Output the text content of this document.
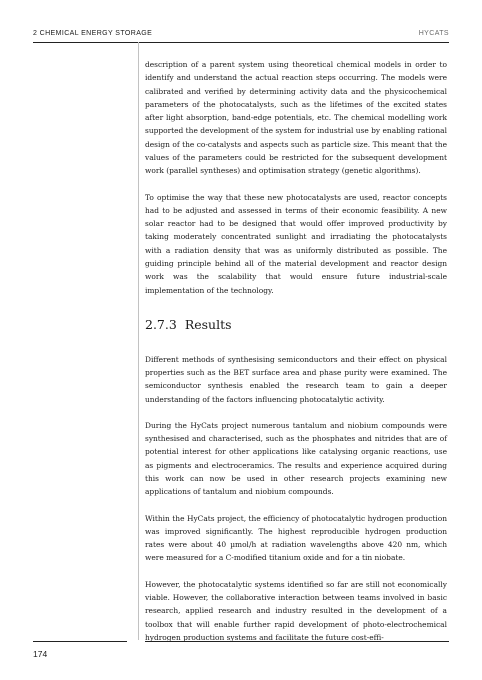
2 CHEMICAL ENERGY STORAGE	HYCATS

description of a parent system using theoretical chemical models in order to identify and understand the actual reaction steps occurring. The models were calibrated and verified by determining activity data and the physicochemical parameters of the photocatalysts, such as the lifetimes of the excited states after light absorption, band-edge potentials, etc. The chemical modelling work supported the development of the system for industrial use by enabling rational design of the co-catalysts and aspects such as particle size. This meant that the values of the parameters could be restricted for the subsequent development work (parallel syntheses) and optimisation strategy (genetic algorithms).

To optimise the way that these new photocatalysts are used, reactor concepts had to be adjusted and assessed in terms of their economic feasibility. A new solar reactor had to be designed that would offer improved productivity by taking moderately concentrated sunlight and irradiating the photocatalysts with a radiation density that was as uniformly distributed as possible. The guiding principle behind all of the material development and reactor design work was the scalability that would ensure future industrial-scale implementation of the technology.

2.7.3 Results

Different methods of synthesising semiconductors and their effect on physical properties such as the BET surface area and phase purity were examined. The semiconductor synthesis enabled the research team to gain a deeper understanding of the factors influencing photocatalytic activity.

During the HyCats project numerous tantalum and niobium compounds were synthesised and characterised, such as the phosphates and nitrides that are of potential interest for other applications like catalysing organic reactions, use as pigments and electroceramics. The results and experience acquired during this work can now be used in other research projects examining new applications of tantalum and niobium compounds.

Within the HyCats project, the efficiency of photocatalytic hydrogen production was improved significantly. The highest reproducible hydrogen production rates were about 40 µmol/h at radiation wavelengths above 420 nm, which were measured for a C-modified titanium oxide and for a tin niobate.

However, the photocatalytic systems identified so far are still not economically viable. However, the collaborative interaction between teams involved in basic research, applied research and industry resulted in the development of a toolbox that will enable further rapid development of photo-electrochemical hydrogen production systems and facilitate the future cost-effi-

174
